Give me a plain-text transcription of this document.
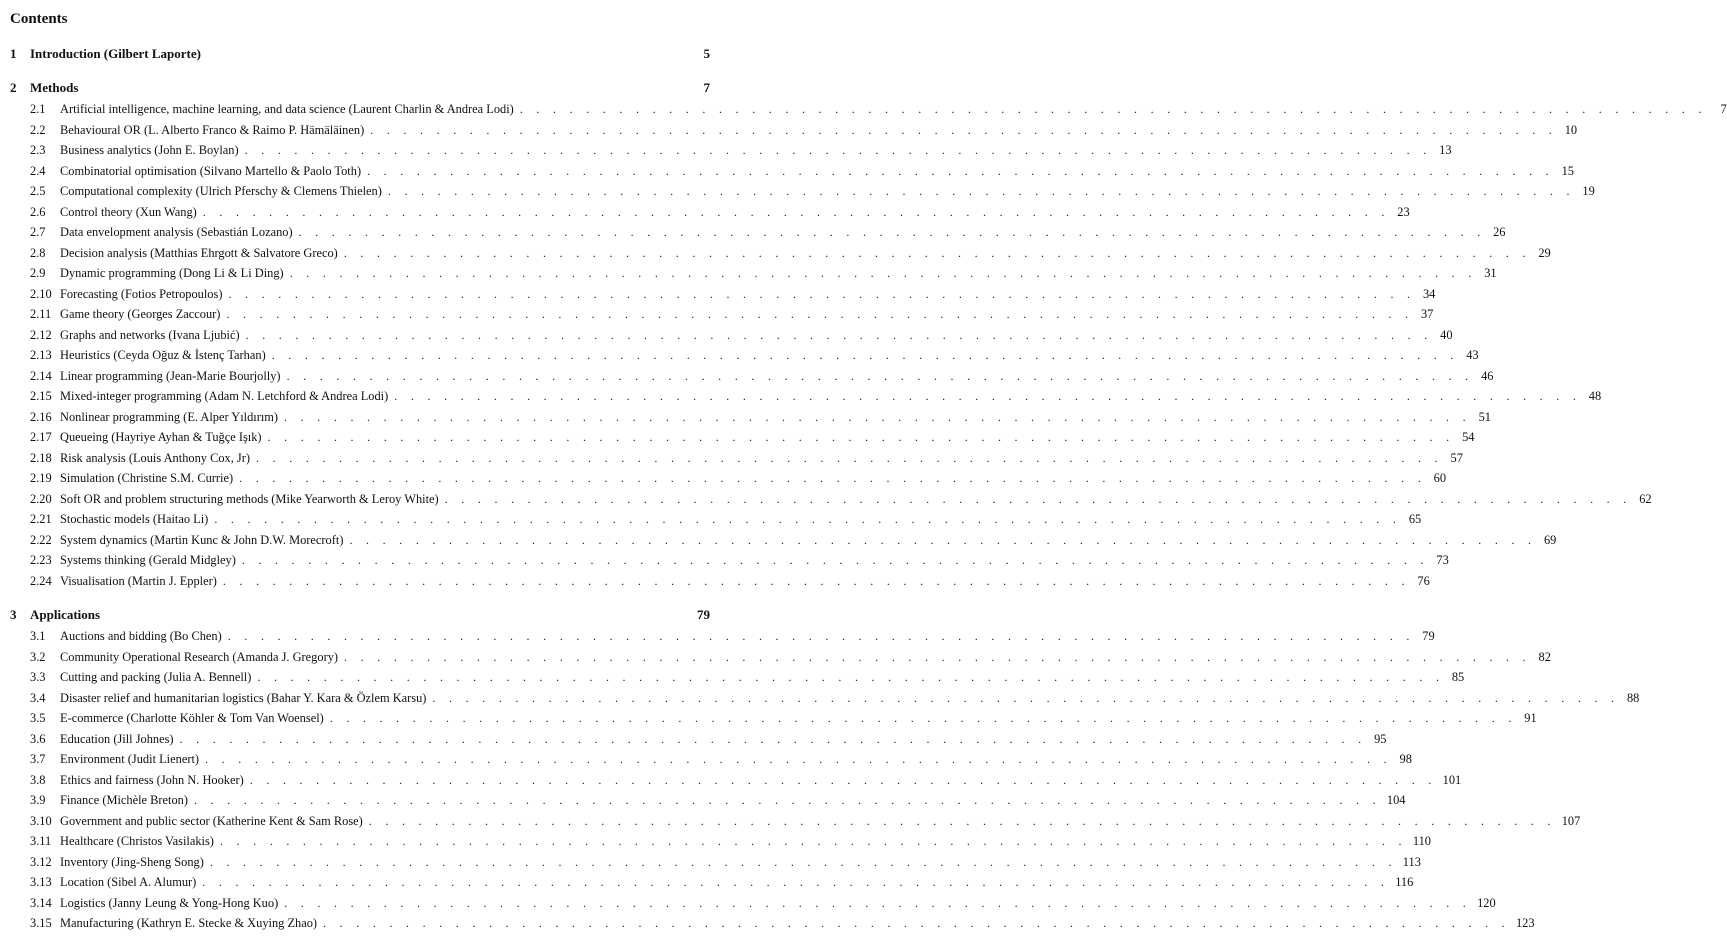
Contents
1 Introduction (Gilbert Laporte)	5
2 Methods	7
2.1	Artificial intelligence, machine learning, and data science (Laurent Charlin & Andrea Lodi) . . . . . . . . . . . . . . . . . . . . . . . . . . . . . . . . . . . . . . . . . . . . . . . . . . . . . . . . . . . . . . . . . . . . . . . .	7
2.2	Behavioural OR (L. Alberto Franco & Raimo P. Hämäläinen) . . . . . . . . . . . . . . . . . . . . . . . . . . . . . . . . . . . . . . . . . . . . . . . . . . . . . . . . . . . . . . . . . . . . . . . . 10
2.3	Business analytics (John E. Boylan) . . . . . . . . . . . . . . . . . . . . . . . . . . . . . . . . . . . . . . . . . . . . . . . . . . . . . . . . . . . . . . . . . . . . . . . . 13
2.4	Combinatorial optimisation (Silvano Martello & Paolo Toth) . . . . . . . . . . . . . . . . . . . . . . . . . . . . . . . . . . . . . . . . . . . . . . . . . . . . . . . . . . . . . . . . . . . . . . . . 15
2.5	Computational complexity (Ulrich Pferschy & Clemens Thielen) . . . . . . . . . . . . . . . . . . . . . . . . . . . . . . . . . . . . . . . . . . . . . . . . . . . . . . . . . . . . . . . . . . . . . . . . 19
2.6	Control theory (Xun Wang) . . . . . . . . . . . . . . . . . . . . . . . . . . . . . . . . . . . . . . . . . . . . . . . . . . . . . . . . . . . . . . . . . . . . . . . . 23
2.7	Data envelopment analysis (Sebastián Lozano) . . . . . . . . . . . . . . . . . . . . . . . . . . . . . . . . . . . . . . . . . . . . . . . . . . . . . . . . . . . . . . . . . . . . . . . . 26
2.8	Decision analysis (Matthias Ehrgott & Salvatore Greco) . . . . . . . . . . . . . . . . . . . . . . . . . . . . . . . . . . . . . . . . . . . . . . . . . . . . . . . . . . . . . . . . . . . . . . . . 29
2.9	Dynamic programming (Dong Li & Li Ding) . . . . . . . . . . . . . . . . . . . . . . . . . . . . . . . . . . . . . . . . . . . . . . . . . . . . . . . . . . . . . . . . . . . . . . . . 31
2.10 Forecasting (Fotios Petropoulos) . . . . . . . . . . . . . . . . . . . . . . . . . . . . . . . . . . . . . . . . . . . . . . . . . . . . . . . . . . . . . . . . . . . . . . . . 34
2.11 Game theory (Georges Zaccour) . . . . . . . . . . . . . . . . . . . . . . . . . . . . . . . . . . . . . . . . . . . . . . . . . . . . . . . . . . . . . . . . . . . . . . . . 37
2.12 Graphs and networks (Ivana Ljubić) . . . . . . . . . . . . . . . . . . . . . . . . . . . . . . . . . . . . . . . . . . . . . . . . . . . . . . . . . . . . . . . . . . . . . . . . 40
2.13 Heuristics (Ceyda Oğuz & İstenç Tarhan) . . . . . . . . . . . . . . . . . . . . . . . . . . . . . . . . . . . . . . . . . . . . . . . . . . . . . . . . . . . . . . . . . . . . . . . . 43
2.14 Linear programming (Jean-Marie Bourjolly) . . . . . . . . . . . . . . . . . . . . . . . . . . . . . . . . . . . . . . . . . . . . . . . . . . . . . . . . . . . . . . . . . . . . . . . . 46
2.15 Mixed-integer programming (Adam N. Letchford & Andrea Lodi) . . . . . . . . . . . . . . . . . . . . . . . . . . . . . . . . . . . . . . . . . . . . . . . . . . . . . . . . . . . . . . . . . . . . . . . . 48
2.16 Nonlinear programming (E. Alper Yıldırım) . . . . . . . . . . . . . . . . . . . . . . . . . . . . . . . . . . . . . . . . . . . . . . . . . . . . . . . . . . . . . . . . . . . . . . . . 51
2.17 Queueing (Hayriye Ayhan & Tuğçe Işık) . . . . . . . . . . . . . . . . . . . . . . . . . . . . . . . . . . . . . . . . . . . . . . . . . . . . . . . . . . . . . . . . . . . . . . . . 54
2.18 Risk analysis (Louis Anthony Cox, Jr) . . . . . . . . . . . . . . . . . . . . . . . . . . . . . . . . . . . . . . . . . . . . . . . . . . . . . . . . . . . . . . . . . . . . . . . . 57
2.19 Simulation (Christine S.M. Currie) . . . . . . . . . . . . . . . . . . . . . . . . . . . . . . . . . . . . . . . . . . . . . . . . . . . . . . . . . . . . . . . . . . . . . . . . 60
2.20 Soft OR and problem structuring methods (Mike Yearworth & Leroy White) . . . . . . . . . . . . . . . . . . . . . . . . . . . . . . . . . . . . . . . . . . . . . . . . . . . . . . . . . . . . . . . . . . . . . . . . 62
2.21 Stochastic models (Haitao Li) . . . . . . . . . . . . . . . . . . . . . . . . . . . . . . . . . . . . . . . . . . . . . . . . . . . . . . . . . . . . . . . . . . . . . . . . 65
2.22 System dynamics (Martin Kunc & John D.W. Morecroft) . . . . . . . . . . . . . . . . . . . . . . . . . . . . . . . . . . . . . . . . . . . . . . . . . . . . . . . . . . . . . . . . . . . . . . . . 69
2.23 Systems thinking (Gerald Midgley) . . . . . . . . . . . . . . . . . . . . . . . . . . . . . . . . . . . . . . . . . . . . . . . . . . . . . . . . . . . . . . . . . . . . . . . . 73
2.24 Visualisation (Martin J. Eppler) . . . . . . . . . . . . . . . . . . . . . . . . . . . . . . . . . . . . . . . . . . . . . . . . . . . . . . . . . . . . . . . . . . . . . . . . 76
3 Applications	79
3.1	Auctions and bidding (Bo Chen) . . . . . . . . . . . . . . . . . . . . . . . . . . . . . . . . . . . . . . . . . . . . . . . . . . . . . . . . . . . . . . . . . . . . . . . . 79
3.2	Community Operational Research (Amanda J. Gregory) . . . . . . . . . . . . . . . . . . . . . . . . . . . . . . . . . . . . . . . . . . . . . . . . . . . . . . . . . . . . . . . . . . . . . . . . 82
3.3	Cutting and packing (Julia A. Bennell) . . . . . . . . . . . . . . . . . . . . . . . . . . . . . . . . . . . . . . . . . . . . . . . . . . . . . . . . . . . . . . . . . . . . . . . . 85
3.4	Disaster relief and humanitarian logistics (Bahar Y. Kara & Özlem Karsu) . . . . . . . . . . . . . . . . . . . . . . . . . . . . . . . . . . . . . . . . . . . . . . . . . . . . . . . . . . . . . . . . . . . . . . . . 88
3.5	E-commerce (Charlotte Köhler & Tom Van Woensel) . . . . . . . . . . . . . . . . . . . . . . . . . . . . . . . . . . . . . . . . . . . . . . . . . . . . . . . . . . . . . . . . . . . . . . . . 91
3.6	Education (Jill Johnes) . . . . . . . . . . . . . . . . . . . . . . . . . . . . . . . . . . . . . . . . . . . . . . . . . . . . . . . . . . . . . . . . . . . . . . . . 95
3.7	Environment (Judit Lienert) . . . . . . . . . . . . . . . . . . . . . . . . . . . . . . . . . . . . . . . . . . . . . . . . . . . . . . . . . . . . . . . . . . . . . . . . 98
3.8	Ethics and fairness (John N. Hooker) . . . . . . . . . . . . . . . . . . . . . . . . . . . . . . . . . . . . . . . . . . . . . . . . . . . . . . . . . . . . . . . . . . . . . . . . 101
3.9	Finance (Michèle Breton) . . . . . . . . . . . . . . . . . . . . . . . . . . . . . . . . . . . . . . . . . . . . . . . . . . . . . . . . . . . . . . . . . . . . . . . . 104
3.10 Government and public sector (Katherine Kent & Sam Rose) . . . . . . . . . . . . . . . . . . . . . . . . . . . . . . . . . . . . . . . . . . . . . . . . . . . . . . . . . . . . . . . . . . . . . . . . 107
3.11 Healthcare (Christos Vasilakis) . . . . . . . . . . . . . . . . . . . . . . . . . . . . . . . . . . . . . . . . . . . . . . . . . . . . . . . . . . . . . . . . . . . . . . . . 110
3.12 Inventory (Jing-Sheng Song) . . . . . . . . . . . . . . . . . . . . . . . . . . . . . . . . . . . . . . . . . . . . . . . . . . . . . . . . . . . . . . . . . . . . . . . . 113
3.13 Location (Sibel A. Alumur) . . . . . . . . . . . . . . . . . . . . . . . . . . . . . . . . . . . . . . . . . . . . . . . . . . . . . . . . . . . . . . . . . . . . . . . . 116
3.14 Logistics (Janny Leung & Yong-Hong Kuo) . . . . . . . . . . . . . . . . . . . . . . . . . . . . . . . . . . . . . . . . . . . . . . . . . . . . . . . . . . . . . . . . . . . . . . . . 120
3.15 Manufacturing (Kathryn E. Stecke & Xuying Zhao) . . . . . . . . . . . . . . . . . . . . . . . . . . . . . . . . . . . . . . . . . . . . . . . . . . . . . . . . . . . . . . . . . . . . . . . . 123
